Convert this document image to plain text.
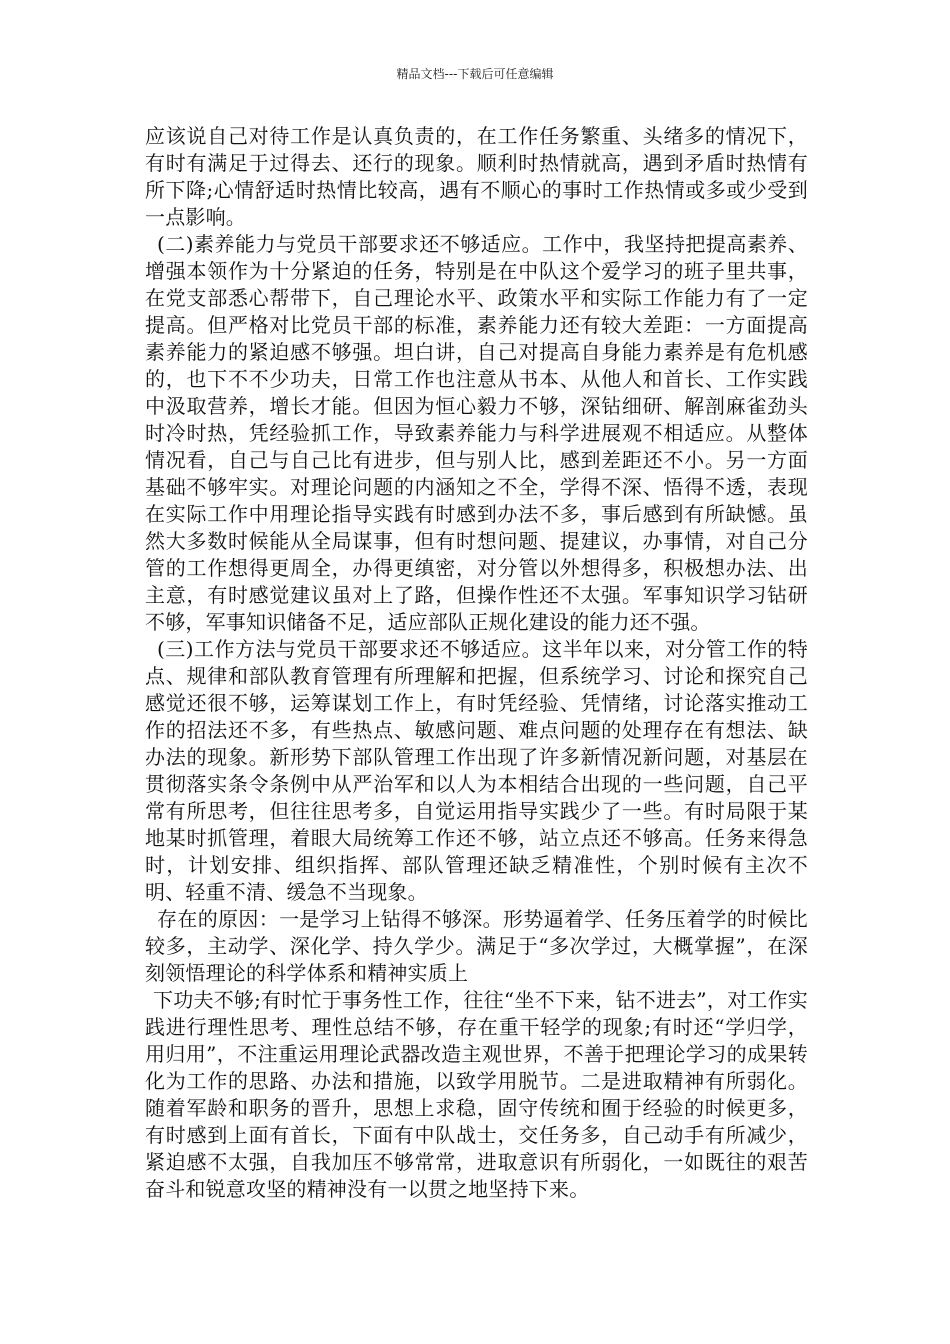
精品文档---下载后可任意编辑

应该说自己对待工作是认真负责的，在工作任务繁重、头绪多的情况下，有时有满足于过得去、还行的现象。顺利时热情就高，遇到矛盾时热情有所下降;心情舒适时热情比较高，遇有不顺心的事时工作热情或多或少受到一点影响。

(二)素养能力与党员干部要求还不够适应。工作中，我坚持把提高素养、增强本领作为十分紧迫的任务，特别是在中队这个爱学习的班子里共事，在党支部悉心帮带下，自己理论水平、政策水平和实际工作能力有了一定提高。但严格对比党员干部的标准，素养能力还有较大差距：一方面提高素养能力的紧迫感不够强。坦白讲，自己对提高自身能力素养是有危机感的，也下不不少功夫，日常工作也注意从书本、从他人和首长、工作实践中汲取营养，增长才能。但因为恒心毅力不够，深钻细研、解剖麻雀劲头时冷时热，凭经验抓工作，导致素养能力与科学进展观不相适应。从整体情况看，自己与自己比有进步，但与别人比，感到差距还不小。另一方面基础不够牢实。对理论问题的内涵知之不全，学得不深、悟得不透，表现在实际工作中用理论指导实践有时感到办法不多，事后感到有所缺憾。虽然大多数时候能从全局谋事，但有时想问题、提建议，办事情，对自己分管的工作想得更周全，办得更缜密，对分管以外想得多，积极想办法、出主意，有时感觉建议虽对上了路，但操作性还不太强。军事知识学习钻研不够，军事知识储备不足，适应部队正规化建设的能力还不强。

(三)工作方法与党员干部要求还不够适应。这半年以来，对分管工作的特点、规律和部队教育管理有所理解和把握，但系统学习、讨论和探究自己感觉还很不够，运筹谋划工作上，有时凭经验、凭情绪，讨论落实推动工作的招法还不多，有些热点、敏感问题、难点问题的处理存在有想法、缺办法的现象。新形势下部队管理工作出现了许多新情况新问题，对基层在贯彻落实条令条例中从严治军和以人为本相结合出现的一些问题，自己平常有所思考，但往往思考多，自觉运用指导实践少了一些。有时局限于某地某时抓管理，着眼大局统筹工作还不够，站立点还不够高。任务来得急时，计划安排、组织指挥、部队管理还缺乏精准性，个别时候有主次不明、轻重不清、缓急不当现象。

存在的原因：一是学习上钻得不够深。形势逼着学、任务压着学的时候比较多，主动学、深化学、持久学少。满足于“多次学过，大概掌握”，在深刻领悟理论的科学体系和精神实质上

下功夫不够;有时忙于事务性工作，往往“坐不下来，钻不进去”，对工作实践进行理性思考、理性总结不够，存在重干轻学的现象;有时还“学归学，用归用”，不注重运用理论武器改造主观世界，不善于把理论学习的成果转化为工作的思路、办法和措施，以致学用脱节。二是进取精神有所弱化。随着军龄和职务的晋升，思想上求稳，固守传统和囿于经验的时候更多，有时感到上面有首长，下面有中队战士，交任务多，自己动手有所减少，紧迫感不太强，自我加压不够常常，进取意识有所弱化，一如既往的艰苦奋斗和锐意攻坚的精神没有一以贯之地坚持下来。
